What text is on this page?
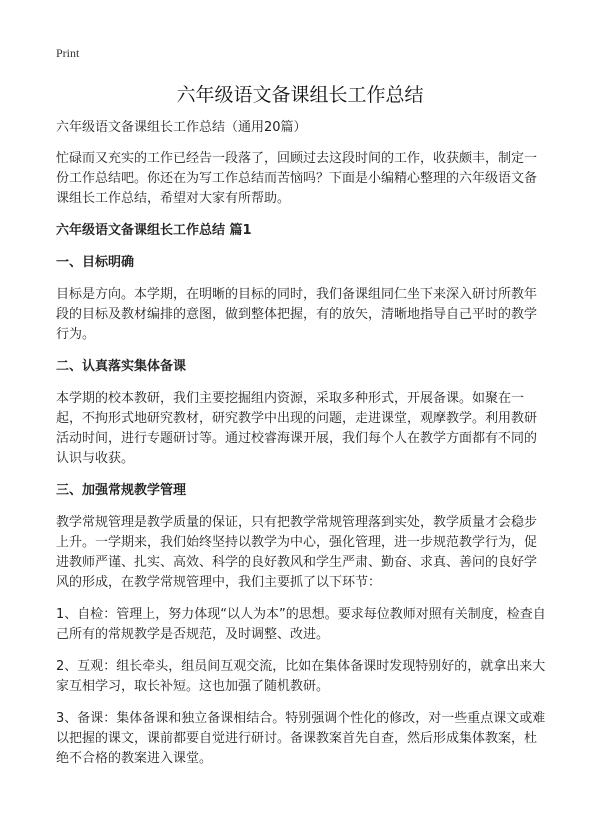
Print
六年级语文备课组长工作总结

六年级语文备课组长工作总结（通用20篇）

忙碌而又充实的工作已经告一段落了，回顾过去这段时间的工作，收获颇丰，制定一份工作总结吧。你还在为写工作总结而苦恼吗？下面是小编精心整理的六年级语文备课组长工作总结，希望对大家有所帮助。

六年级语文备课组长工作总结 篇1

一、目标明确

目标是方向。本学期，在明晰的目标的同时，我们备课组同仁坐下来深入研讨所教年段的目标及教材编排的意图，做到整体把握，有的放矢，清晰地指导自己平时的教学行为。

二、认真落实集体备课

本学期的校本教研，我们主要挖掘组内资源，采取多种形式，开展备课。如聚在一起，不拘形式地研究教材，研究教学中出现的问题，走进课堂，观摩教学。利用教研活动时间，进行专题研讨等。通过校睿海课开展，我们每个人在教学方面都有不同的认识与收获。

三、加强常规教学管理

教学常规管理是教学质量的保证，只有把教学常规管理落到实处，教学质量才会稳步上升。一学期来，我们始终坚持以教学为中心，强化管理，进一步规范教学行为，促进教师严谨、扎实、高效、科学的良好教风和学生严肃、勤奋、求真、善问的良好学风的形成，在教学常规管理中，我们主要抓了以下环节：

1、自检：管理上，努力体现“以人为本”的思想。要求每位教师对照有关制度，检查自己所有的常规教学是否规范，及时调整、改进。

2、互观：组长牵头，组员间互观交流，比如在集体备课时发现特别好的，就拿出来大家互相学习，取长补短。这也加强了随机教研。

3、备课：集体备课和独立备课相结合。特别强调个性化的修改，对一些重点课文或难以把握的课文，课前都要自觉进行研讨。备课教案首先自查，然后形成集体教案，杜绝不合格的教案进入课堂。
